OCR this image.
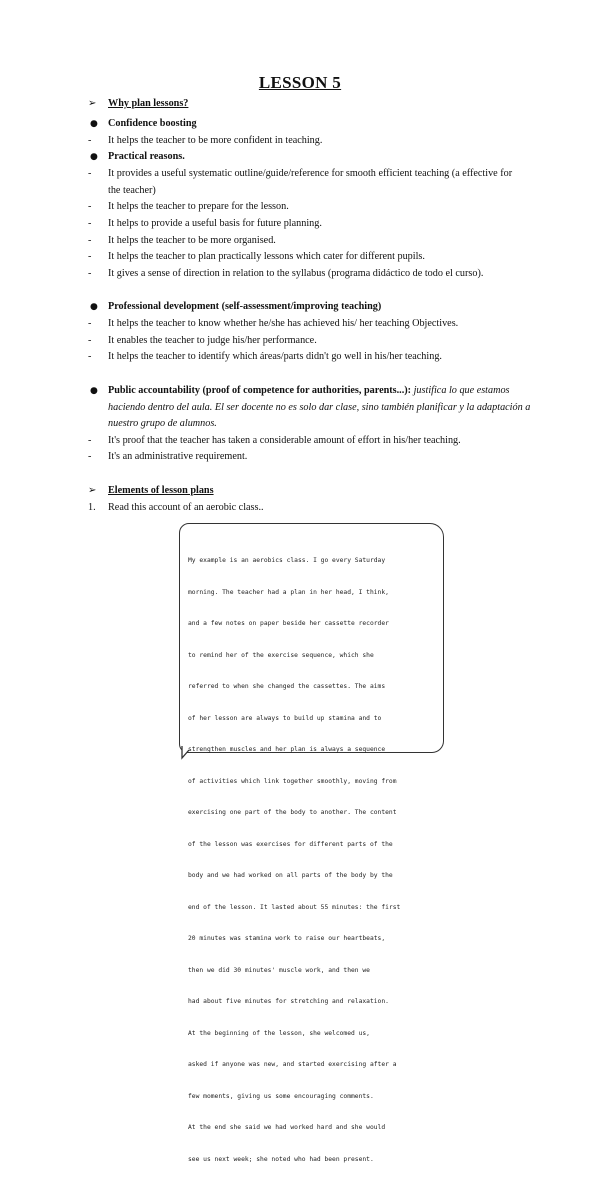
LESSON 5
➢ Why plan lessons?
● Confidence boosting
- It helps the teacher to be more confident in teaching.
● Practical reasons.
- It provides a useful systematic outline/guide/reference for smooth efficient teaching (a effective for
the teacher)
- It helps the teacher to prepare for the lesson.
- It helps to provide a useful basis for future planning.
- It helps the teacher to be more organised.
- It helps the teacher to plan practically lessons which cater for different pupils.
- It gives a sense of direction in relation to the syllabus (programa didáctico de todo el curso).
● Professional development (self-assessment/improving teaching)
- It helps the teacher to know whether he/she has achieved his/ her teaching Objectives.
- It enables the teacher to judge his/her performance.
- It helps the teacher to identify which áreas/parts didn't go well in his/her teaching.
● Public accountability (proof of competence for authorities, parents...): justifica lo que estamos
haciendo dentro del aula. El ser docente no es solo dar clase, sino también planificar y la adaptación a
nuestro grupo de alumnos.
- It's proof that the teacher has taken a considerable amount of effort in his/her teaching.
- It's an administrative requirement.
➢ Elements of lesson plans
1. Read this account of an aerobic class..

My example is an aerobics class. I go every Saturday

morning. The teacher had a plan in her head, I think,

and a few notes on paper beside her cassette recorder

to remind her of the exercise sequence, which she

referred to when she changed the cassettes. The aims

of her lesson are always to build up stamina and to

strengthen muscles and her plan is always a sequence

of activities which link together smoothly, moving from

exercising one part of the body to another. The content

of the lesson was exercises for different parts of the

body and we had worked on all parts of the body by the

end of the lesson. It lasted about 55 minutes: the first

20 minutes was stamina work to raise our heartbeats,

then we did 30 minutes' muscle work, and then we

had about five minutes for stretching and relaxation.

At the beginning of the lesson, she welcomed us,

asked if anyone was new, and started exercising after a

few moments, giving us some encouraging comments.

At the end she said we had worked hard and she would

see us next week; she noted who had been present.
